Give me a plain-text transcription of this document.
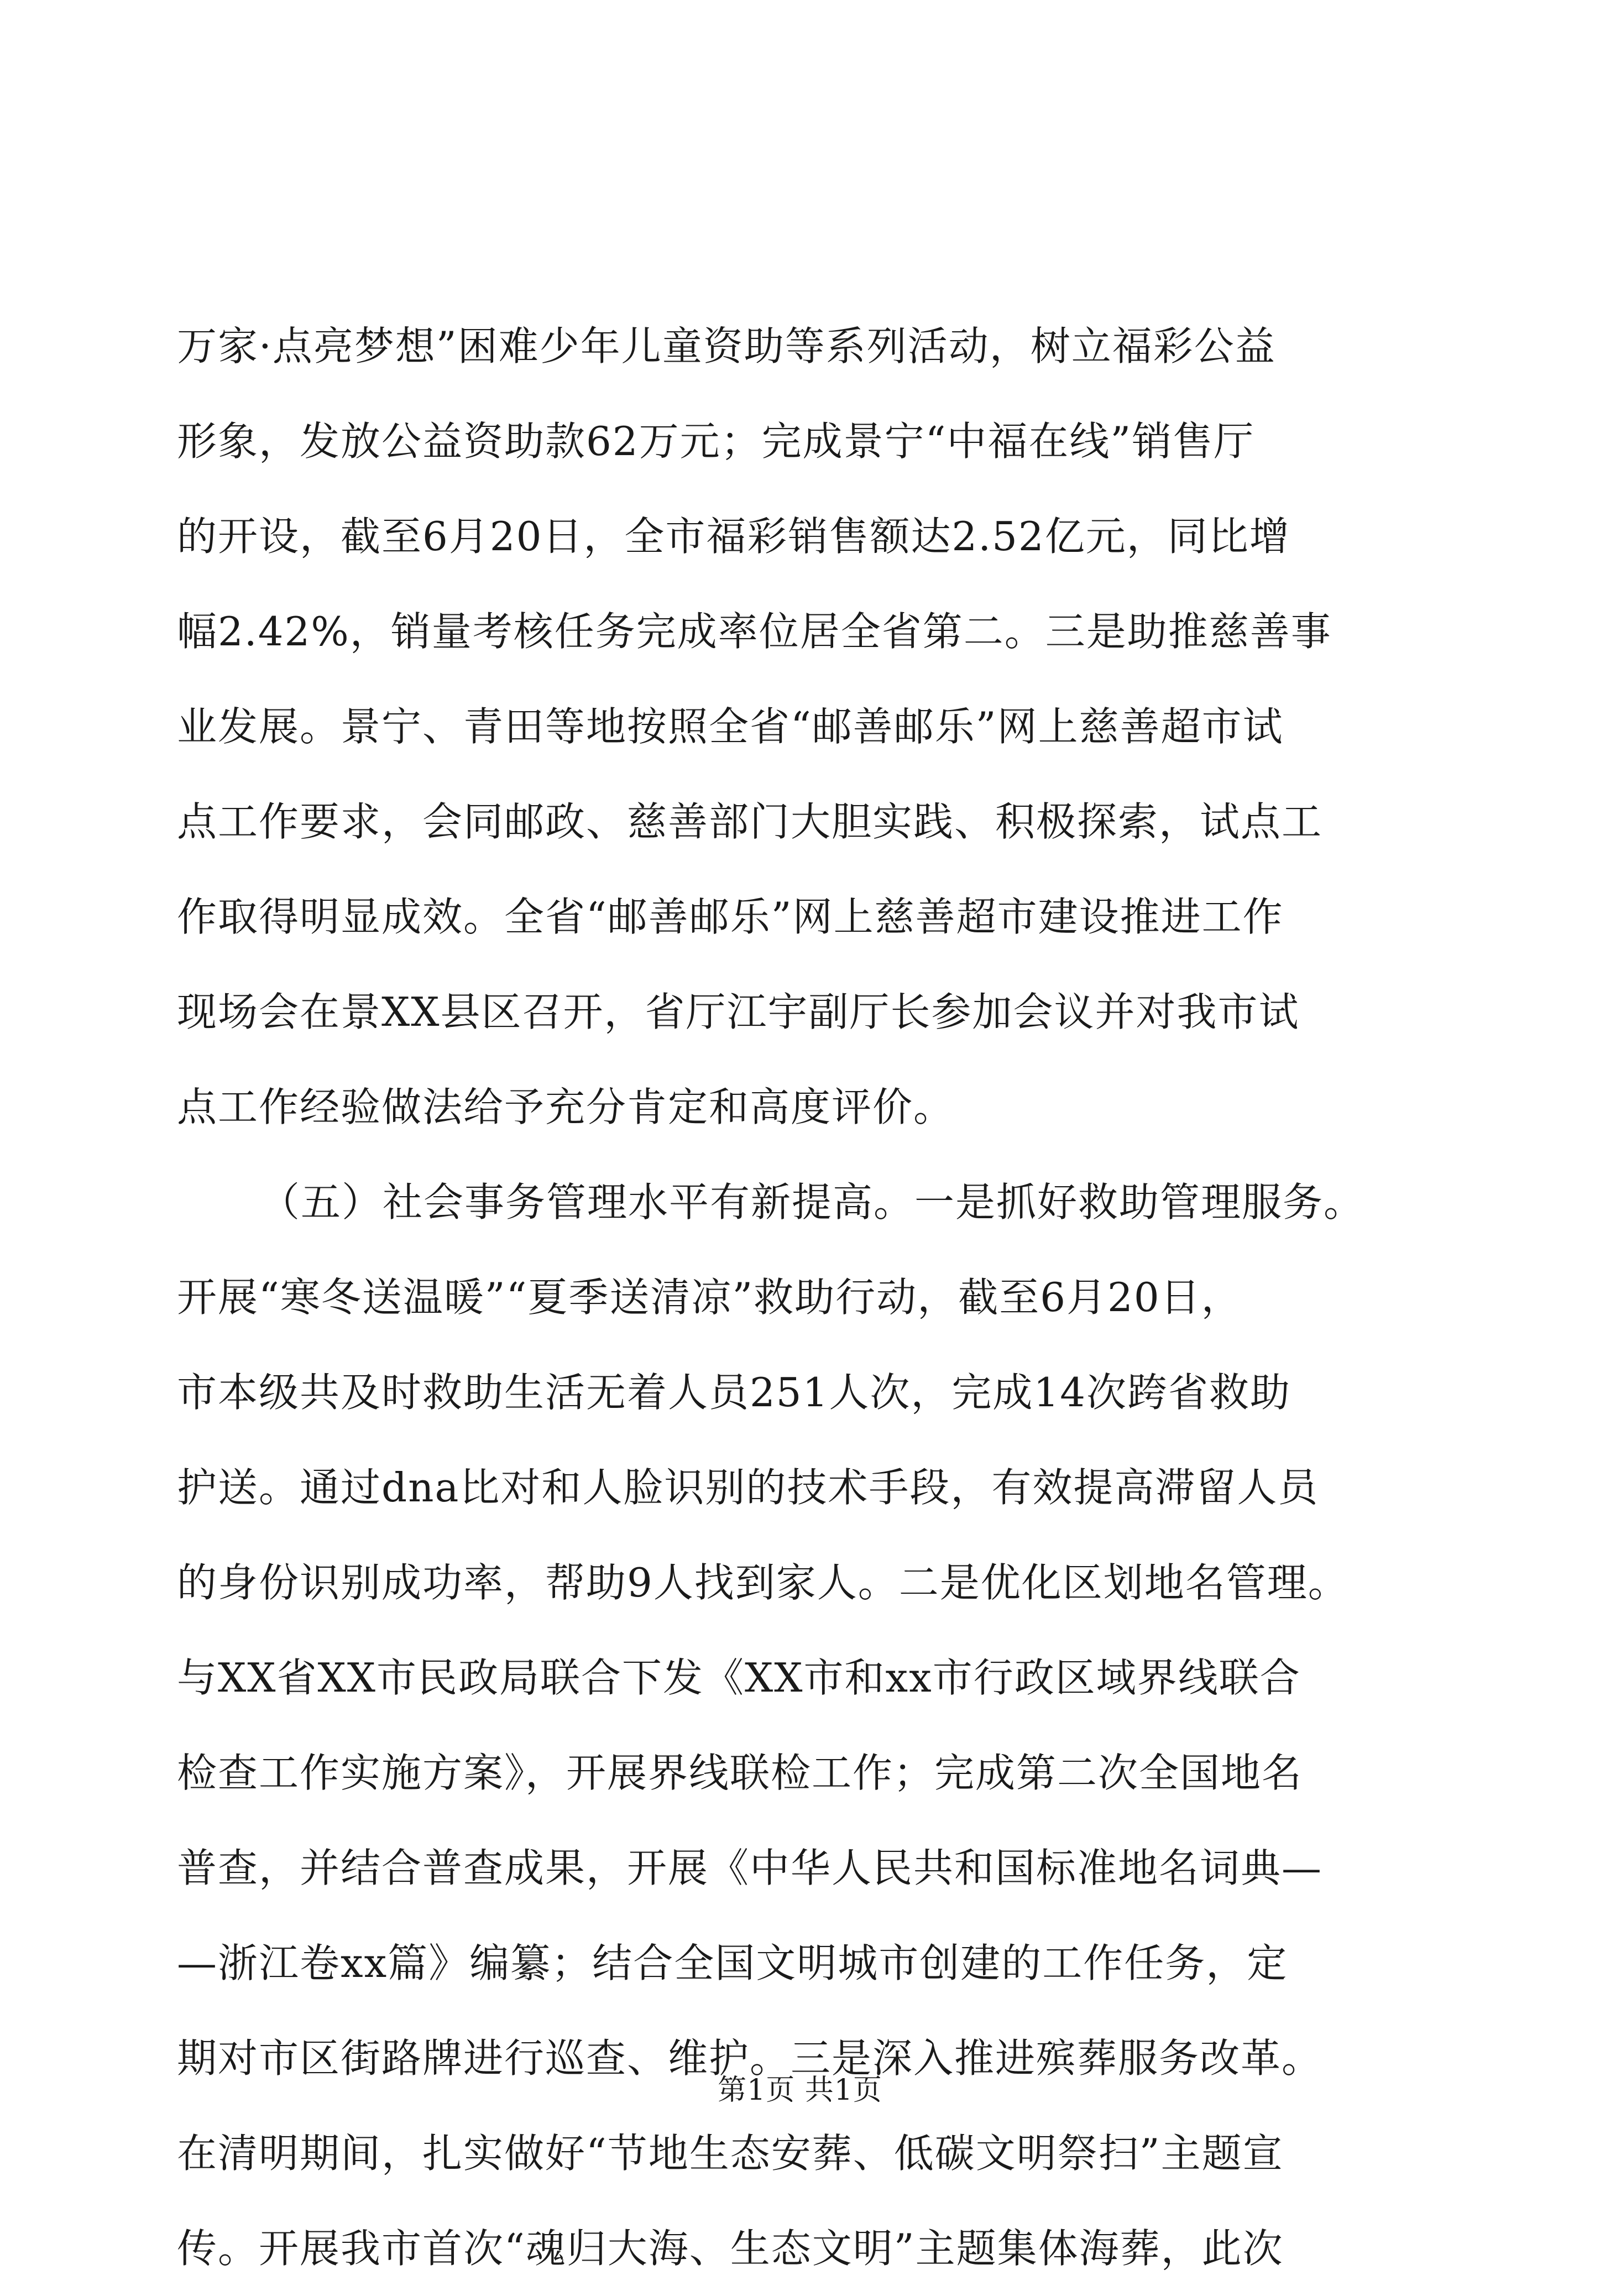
万家·点亮梦想”困难少年儿童资助等系列活动，树立福彩公益
形象，发放公益资助款62万元；完成景宁“中福在线”销售厅
的开设，截至6月20日，全市福彩销售额达2.52亿元，同比增
幅2.42%，销量考核任务完成率位居全省第二。三是助推慈善事
业发展。景宁、青田等地按照全省“邮善邮乐”网上慈善超市试
点工作要求，会同邮政、慈善部门大胆实践、积极探索，试点工
作取得明显成效。全省“邮善邮乐”网上慈善超市建设推进工作
现场会在景XX县区召开，省厅江宇副厅长参加会议并对我市试
点工作经验做法给予充分肯定和高度评价。
（五）社会事务管理水平有新提高。一是抓好救助管理服务。
开展“寒冬送温暖”“夏季送清凉”救助行动，截至6月20日，
市本级共及时救助生活无着人员251人次，完成14次跨省救助
护送。通过dna比对和人脸识别的技术手段，有效提高滞留人员
的身份识别成功率，帮助9人找到家人。二是优化区划地名管理。
与XX省XX市民政局联合下发《XX市和xx市行政区域界线联合
检查工作实施方案》，开展界线联检工作；完成第二次全国地名
普查，并结合普查成果，开展《中华人民共和国标准地名词典—
—浙江卷xx篇》编纂；结合全国文明城市创建的工作任务，定
期对市区街路牌进行巡查、维护。三是深入推进殡葬服务改革。
在清明期间，扎实做好“节地生态安葬、低碳文明祭扫”主题宣
传。开展我市首次“魂归大海、生态文明”主题集体海葬，此次
第1页 共1页
